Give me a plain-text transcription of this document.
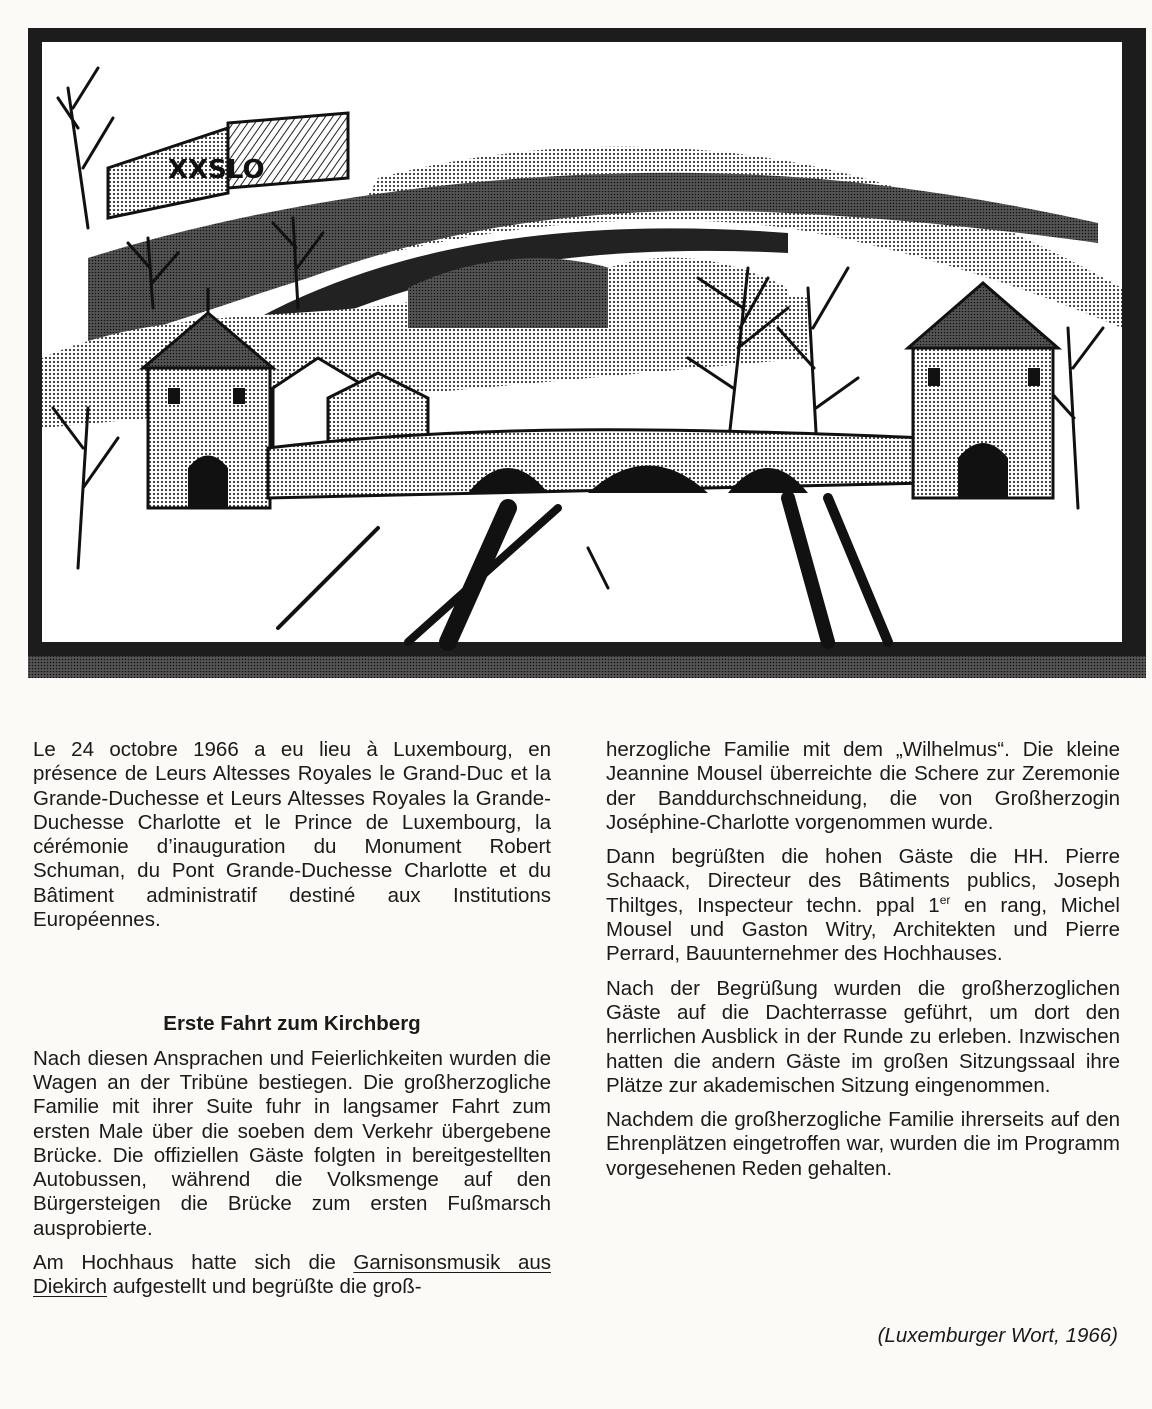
XXSLO

Le 24 octobre 1966 a eu lieu à Luxembourg, en présence de Leurs Altesses Royales le Grand-Duc et la Grande-Duchesse et Leurs Altesses Royales la Grande-Duchesse Charlotte et le Prince de Luxembourg, la cérémonie d’inauguration du Monument Robert Schuman, du Pont Grande-Duchesse Charlotte et du Bâtiment administratif destiné aux Institutions Européennes.

Erste Fahrt zum Kirchberg

Nach diesen Ansprachen und Feierlichkeiten wurden die Wagen an der Tribüne bestiegen. Die großherzogliche Familie mit ihrer Suite fuhr in langsamer Fahrt zum ersten Male über die soeben dem Verkehr übergebene Brücke. Die offiziellen Gäste folgten in bereitgestellten Autobussen, während die Volksmenge auf den Bürgersteigen die Brücke zum ersten Fußmarsch ausprobierte.

Am Hochhaus hatte sich die Garnisonsmusik aus Diekirch aufgestellt und begrüßte die groß-

herzogliche Familie mit dem „Wilhelmus“. Die kleine Jeannine Mousel überreichte die Schere zur Zeremonie der Banddurchschneidung, die von Großherzogin Joséphine-Charlotte vorgenommen wurde.

Dann begrüßten die hohen Gäste die HH. Pierre Schaack, Directeur des Bâtiments publics, Joseph Thiltges, Inspecteur techn. ppal 1er en rang, Michel Mousel und Gaston Witry, Architekten und Pierre Perrard, Bauunternehmer des Hochhauses.

Nach der Begrüßung wurden die großherzoglichen Gäste auf die Dachterrasse geführt, um dort den herrlichen Ausblick in der Runde zu erleben. Inzwischen hatten die andern Gäste im großen Sitzungssaal ihre Plätze zur akademischen Sitzung eingenommen.

Nachdem die großherzogliche Familie ihrerseits auf den Ehrenplätzen eingetroffen war, wurden die im Programm vorgesehenen Reden gehalten.

(Luxemburger Wort, 1966)
